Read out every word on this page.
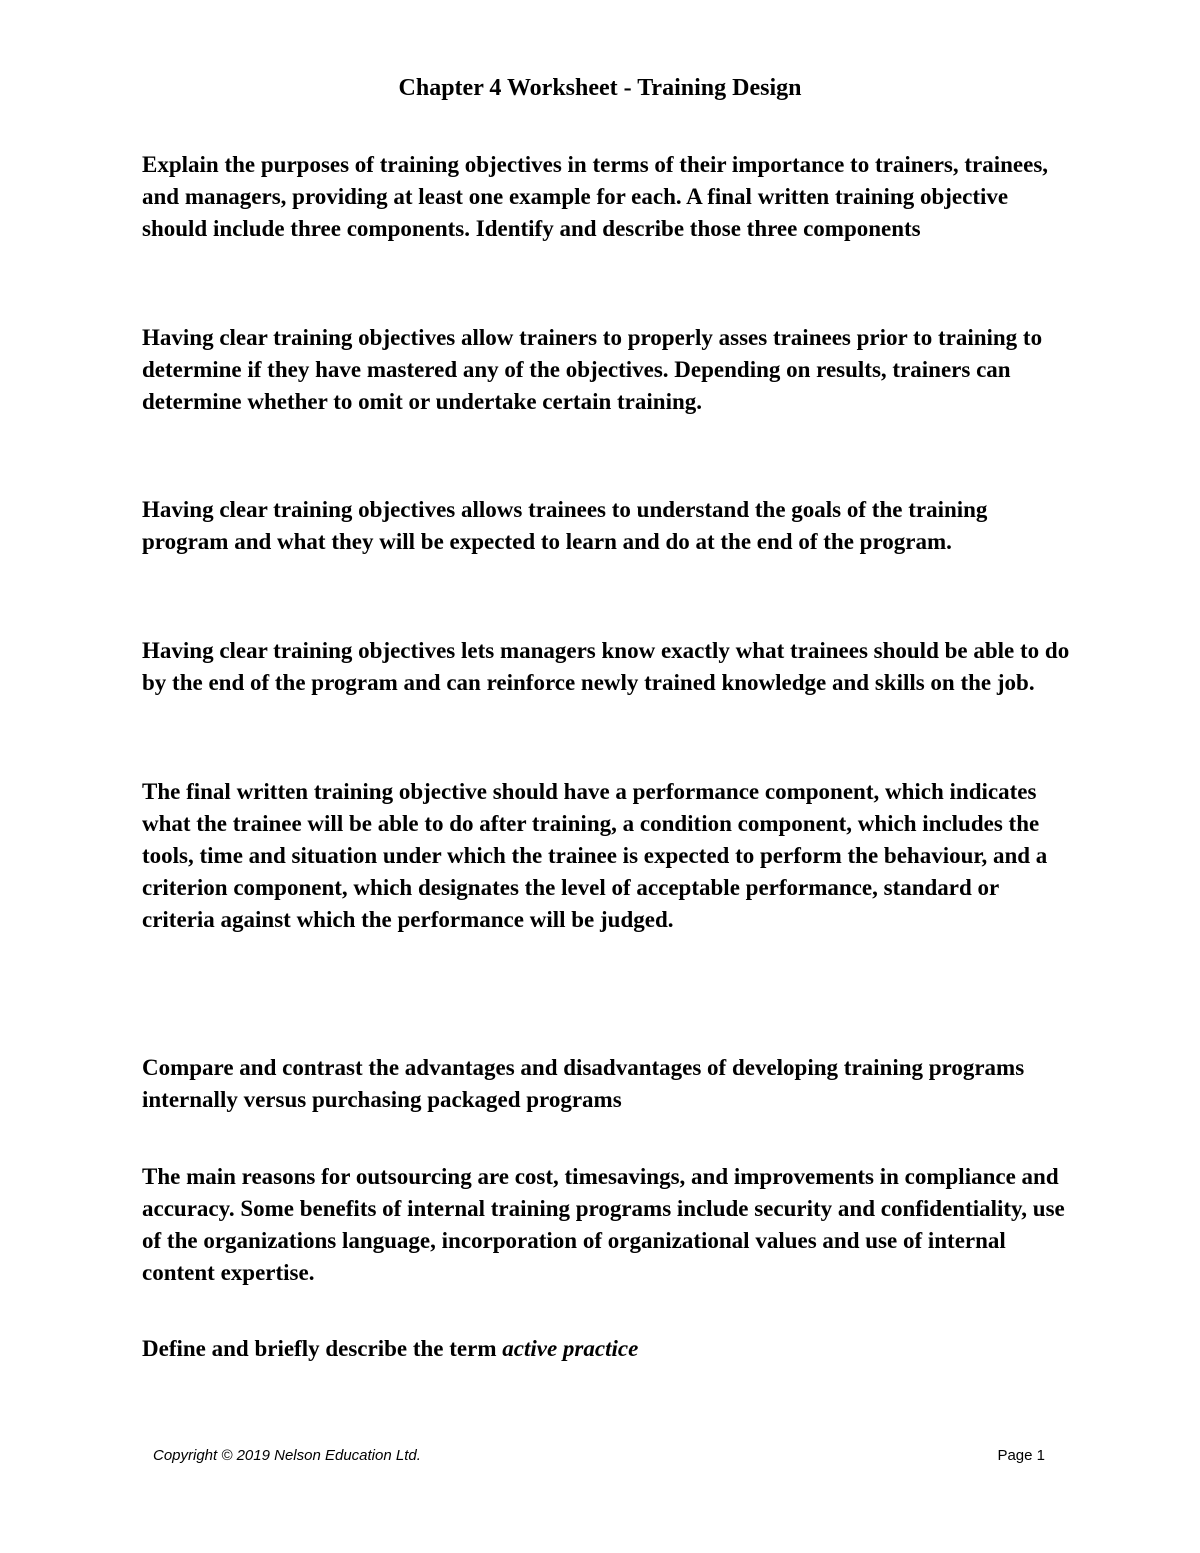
Chapter 4 Worksheet - Training Design

Explain the purposes of training objectives in terms of their importance to trainers, trainees, and managers, providing at least one example for each. A final written training objective should include three components. Identify and describe those three components

Having clear training objectives allow trainers to properly asses trainees prior to training to determine if they have mastered any of the objectives. Depending on results, trainers can determine whether to omit or undertake certain training.

Having clear training objectives allows trainees to understand the goals of the training program and what they will be expected to learn and do at the end of the program.

Having clear training objectives lets managers know exactly what trainees should be able to do by the end of the program and can reinforce newly trained knowledge and skills on the job.

The final written training objective should have a performance component, which indicates what the trainee will be able to do after training, a condition component, which includes the tools, time and situation under which the trainee is expected to perform the behaviour, and a criterion component, which designates the level of acceptable performance, standard or criteria against which the performance will be judged.

Compare and contrast the advantages and disadvantages of developing training programs internally versus purchasing packaged programs

The main reasons for outsourcing are cost, timesavings, and improvements in compliance and accuracy. Some benefits of internal training programs include security and confidentiality, use of the organizations language, incorporation of organizational values and use of internal content expertise.

Define and briefly describe the term active practice

Copyright © 2019 Nelson Education Ltd.	Page 1
